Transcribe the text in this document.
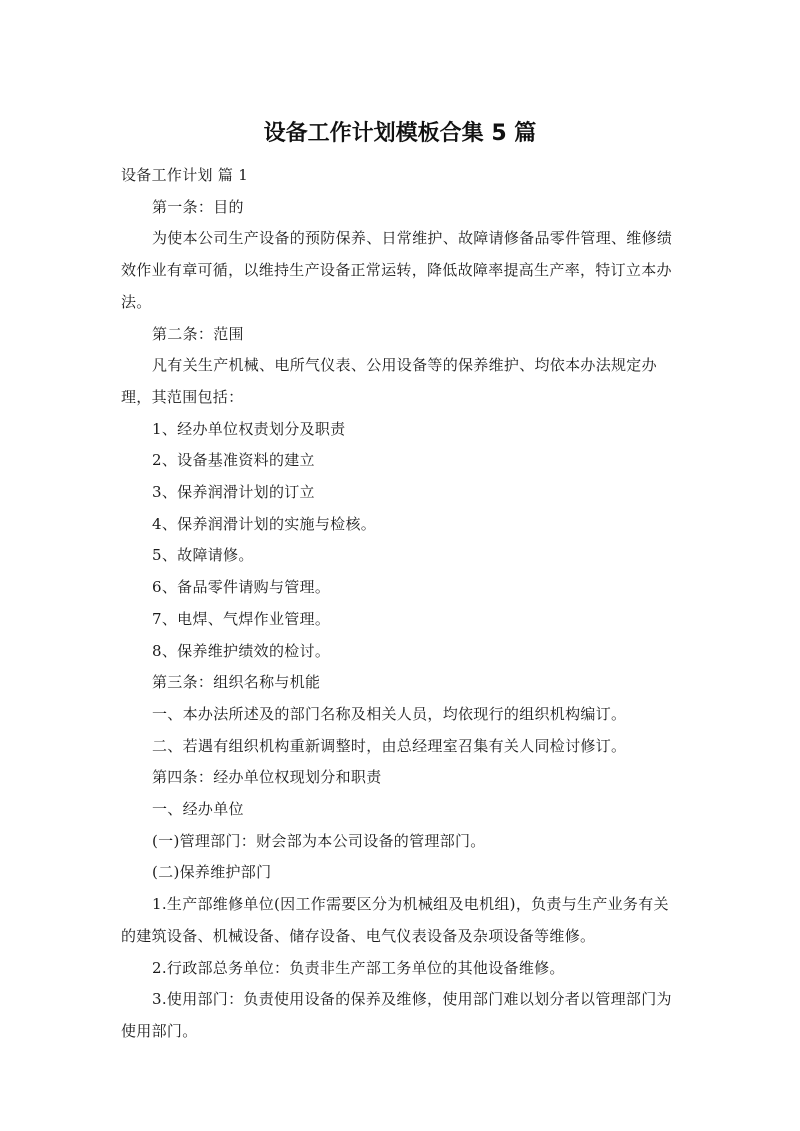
设备工作计划模板合集 5 篇

设备工作计划 篇 1

第一条：目的

为使本公司生产设备的预防保养、日常维护、故障请修备品零件管理、维修绩效作业有章可循，以维持生产设备正常运转，降低故障率提高生产率，特订立本办法。

第二条：范围

凡有关生产机械、电所气仪表、公用设备等的保养维护、均依本办法规定办理，其范围包括：

1、经办单位权责划分及职责

2、设备基准资料的建立

3、保养润滑计划的订立

4、保养润滑计划的实施与检核。

5、故障请修。

6、备品零件请购与管理。

7、电焊、气焊作业管理。

8、保养维护绩效的检讨。

第三条：组织名称与机能

一、本办法所述及的部门名称及相关人员，均依现行的组织机构编订。

二、若遇有组织机构重新调整时，由总经理室召集有关人同检讨修订。

第四条：经办单位权现划分和职责

一、经办单位

(一)管理部门：财会部为本公司设备的管理部门。

(二)保养维护部门

1.生产部维修单位(因工作需要区分为机械组及电机组)，负责与生产业务有关的建筑设备、机械设备、储存设备、电气仪表设备及杂项设备等维修。

2.行政部总务单位：负责非生产部工务单位的其他设备维修。

3.使用部门：负责使用设备的保养及维修，使用部门难以划分者以管理部门为使用部门。
